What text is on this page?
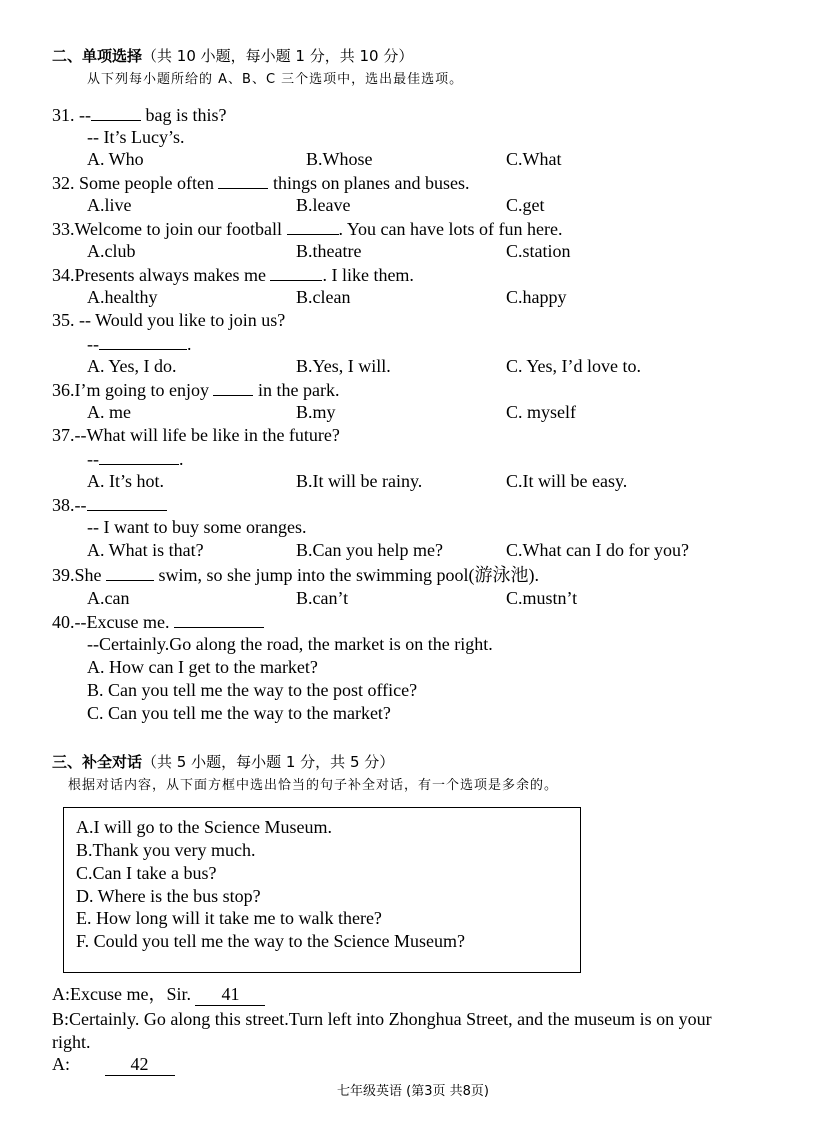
二、单项选择（共 10 小题，每小题 1 分，共 10 分）
从下列每小题所给的 A、B、C 三个选项中，选出最佳选项。
31. --	bag is this?
-- It’s Lucy’s.
A. Who	B.Whose	C.What
32. Some people often	things on planes and buses.
A.live	B.leave	C.get
33.Welcome to join our football	. You can have lots of fun here.
A.club	B.theatre	C.station
34.Presents always makes me	. I like them.
A.healthy	B.clean	C.happy
35. -- Would you like to join us?
--	.
A. Yes, I do.	B.Yes, I will.	C. Yes, I’d love to.
36.I’m going to enjoy  in the park.
A. me	B.my	C. myself
37.--What will life be like in the future?
--	.
A. It’s hot.	B.It will be rainy.	C.It will be easy.
38.--
-- I want to buy some oranges.
A. What is that?	B.Can you help me?	C.What can I do for you?
39.She	swim, so she jump into the swimming pool(游泳池).
A.can	B.can’t	C.mustn’t
40.--Excuse me.
--Certainly.Go along the road, the market is on the right.
A. How can I get to the market?
B. Can you tell me the way to the post office?
C. Can you tell me the way to the market?
三、补全对话（共 5 小题，每小题 1 分，共 5 分）
根据对话内容，从下面方框中选出恰当的句子补全对话，有一个选项是多余的。
A.I will go to the Science Museum.
B.Thank you very much.
C.Can I take a bus?
D. Where is the bus stop?
E. How long will it take me to walk there?
F. Could you tell me the way to the Science Museum?
A:Excuse me，Sir. 41
B:Certainly. Go along this street.Turn left into Zhonghua Street, and the museum is on your
right.
A:	42
七年级英语 (第3页 共8页)
